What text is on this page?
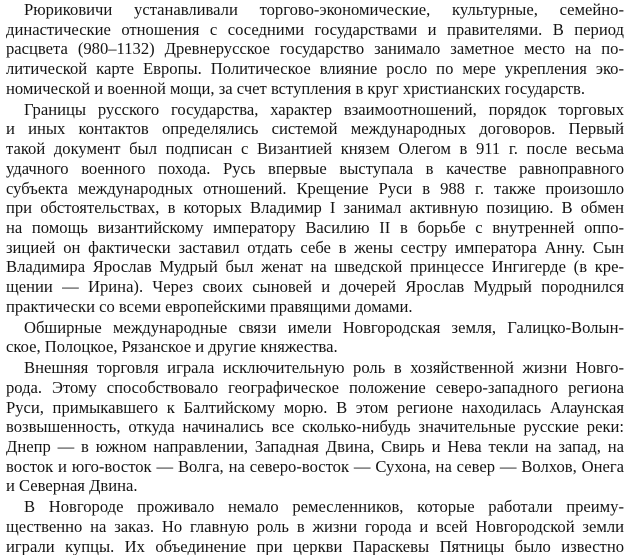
Рюриковичи устанавливали торгово-экономические, культурные, семейно-
династические отношения с соседними государствами и правителями. В период
расцвета (980–1132) Древнерусское государство занимало заметное место на по-
литической карте Европы. Политическое влияние росло по мере укрепления эко-
номической и военной мощи, за счет вступления в круг христианских государств.
Границы русского государства, характер взаимоотношений, порядок торговых
и иных контактов определялись системой международных договоров. Первый
такой документ был подписан с Византией князем Олегом в 911 г. после весьма
удачного военного похода. Русь впервые выступала в качестве равноправного
субъекта международных отношений. Крещение Руси в 988 г. также произошло
при обстоятельствах, в которых Владимир I занимал активную позицию. В обмен
на помощь византийскому императору Василию II в борьбе с внутренней оппо-
зицией он фактически заставил отдать себе в жены сестру императора Анну. Сын
Владимира Ярослав Мудрый был женат на шведской принцессе Ингигерде (в кре-
щении — Ирина). Через своих сыновей и дочерей Ярослав Мудрый породнился
практически со всеми европейскими правящими домами.
Обширные международные связи имели Новгородская земля, Галицко-Волын-
ское, Полоцкое, Рязанское и другие княжества.
Внешняя торговля играла исключительную роль в хозяйственной жизни Новго-
рода. Этому способствовало географическое положение северо-западного региона
Руси, примыкавшего к Балтийскому морю. В этом регионе находилась Алаунская
возвышенность, откуда начинались все сколько-нибудь значительные русские реки:
Днепр — в южном направлении, Западная Двина, Свирь и Нева текли на запад, на
восток и юго-восток — Волга, на северо-восток — Сухона, на север — Волхов, Онега
и Северная Двина.
В Новгороде проживало немало ремесленников, которые работали преиму-
щественно на заказ. Но главную роль в жизни города и всей Новгородской земли
играли купцы. Их объединение при церкви Параскевы Пятницы было известно
